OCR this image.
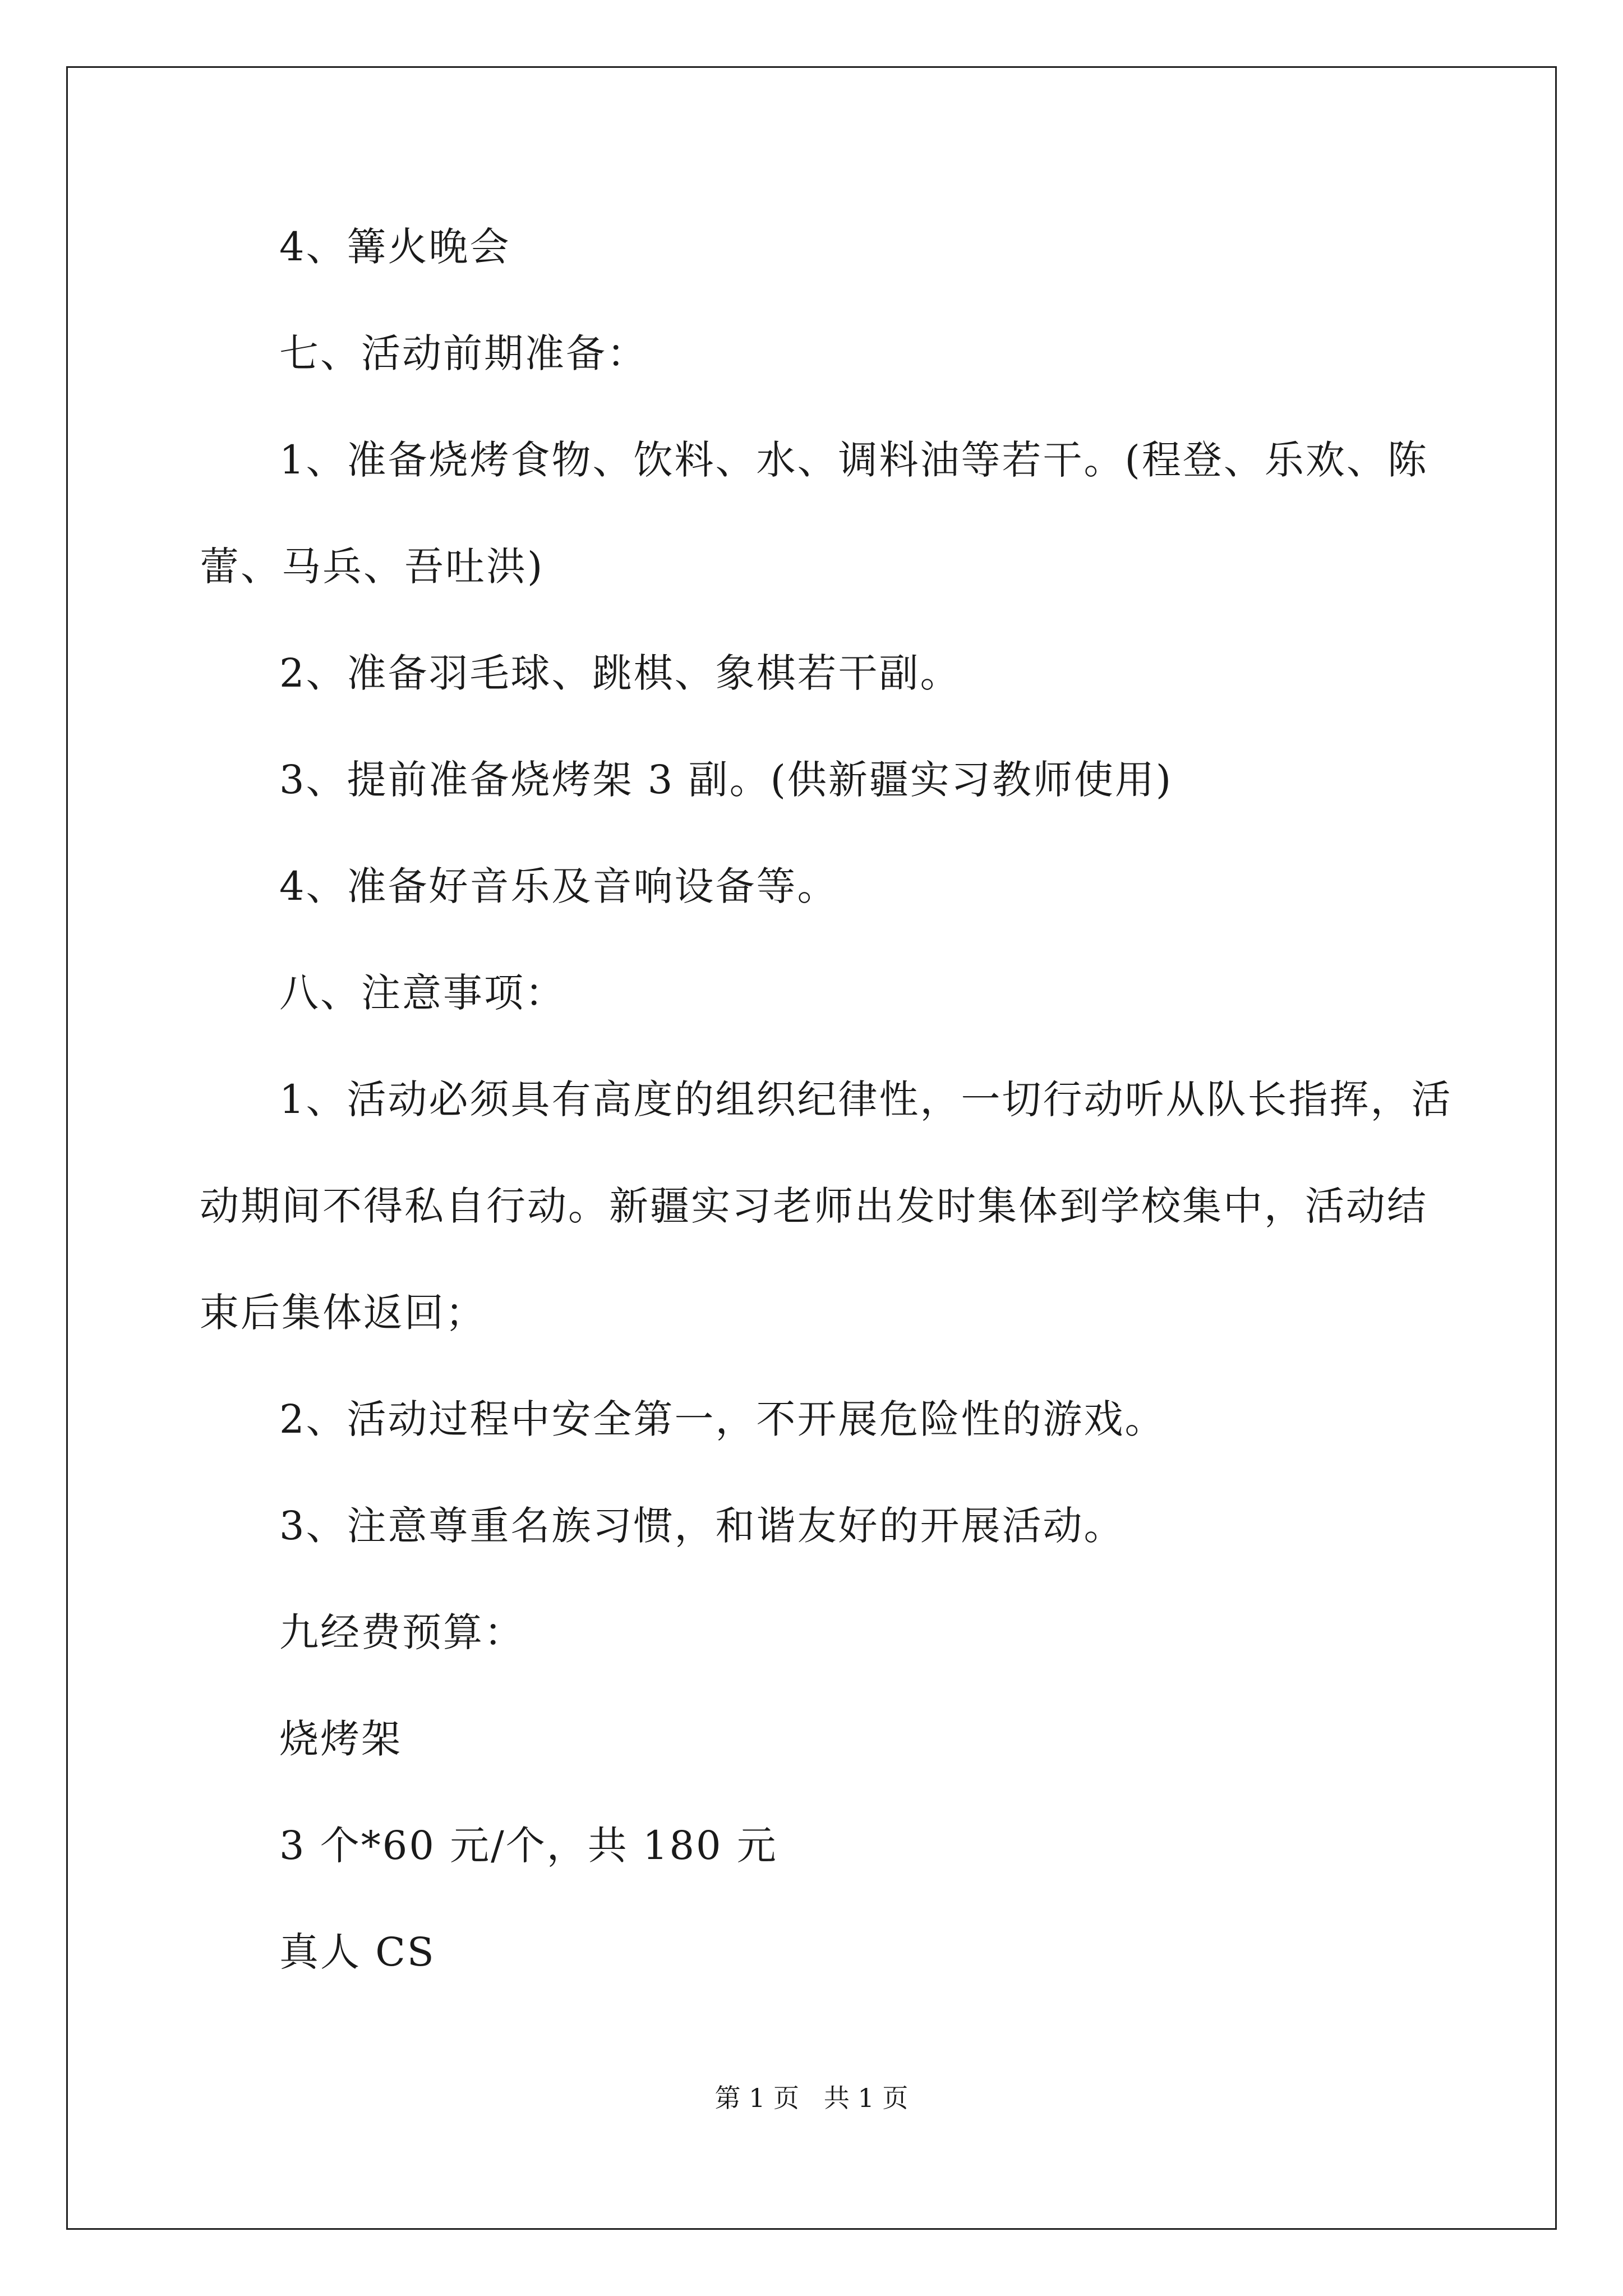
4、篝火晚会
七、活动前期准备：
1、准备烧烤食物、饮料、水、调料油等若干。(程登、乐欢、陈
蕾、马兵、吾吐洪)
2、准备羽毛球、跳棋、象棋若干副。
3、提前准备烧烤架 3 副。(供新疆实习教师使用)
4、准备好音乐及音响设备等。
八、注意事项：
1、活动必须具有高度的组织纪律性，一切行动听从队长指挥，活
动期间不得私自行动。新疆实习老师出发时集体到学校集中，活动结
束后集体返回；
2、活动过程中安全第一，不开展危险性的游戏。
3、注意尊重名族习惯，和谐友好的开展活动。
九经费预算：
烧烤架
3 个*60 元/个，共 180 元
真人 CS
第 1 页   共 1 页
